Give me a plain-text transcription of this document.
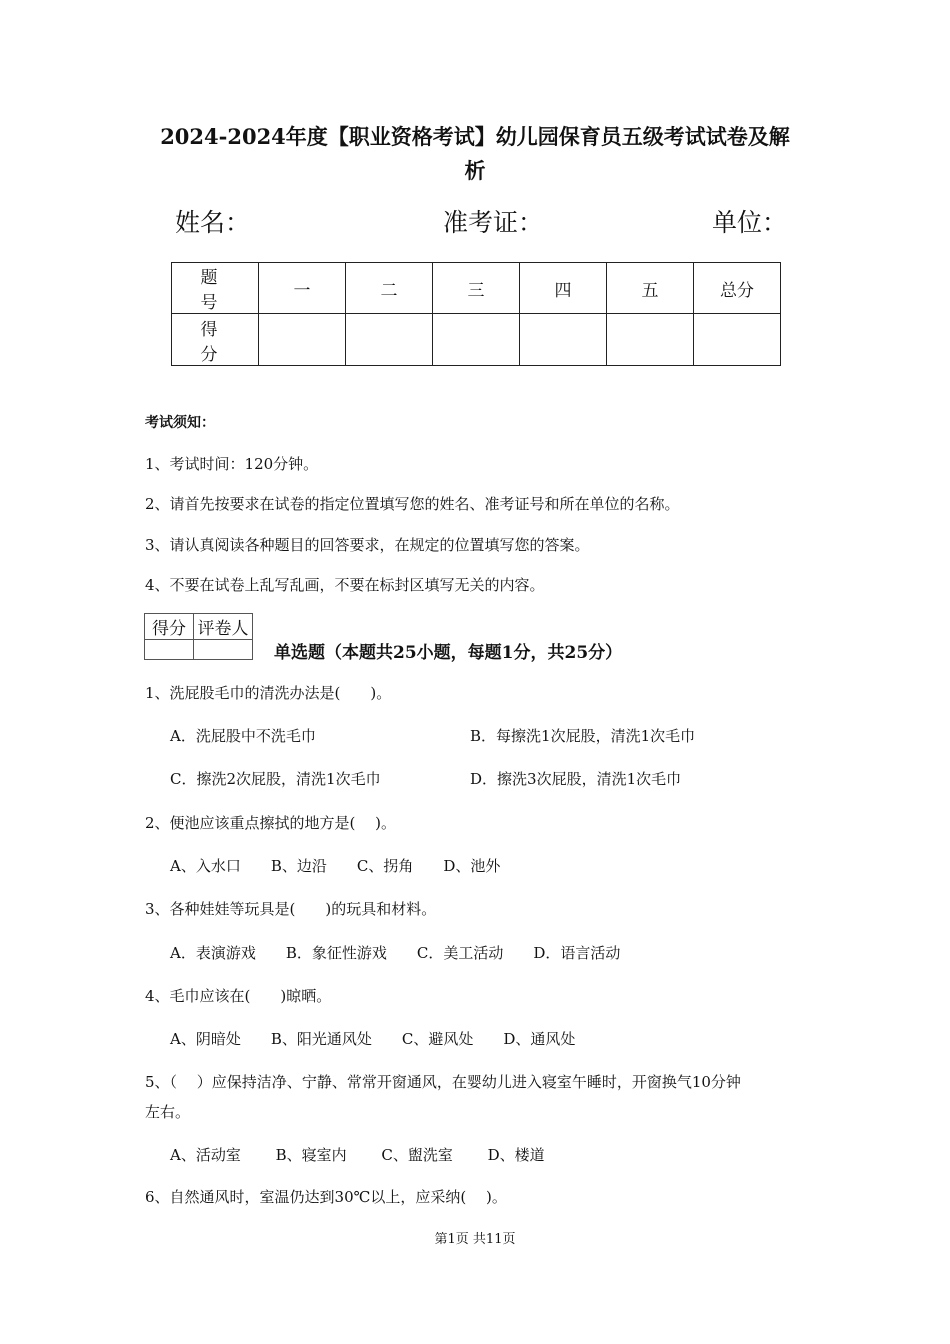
2024-2024年度【职业资格考试】幼儿园保育员五级考试试卷及解
析
姓名：	准考证：	单位：
题　号	一	二	三	四	五	总分
得　分						
考试须知：
1、考试时间：120分钟。
2、请首先按要求在试卷的指定位置填写您的姓名、准考证号和所在单位的名称。
3、请认真阅读各种题目的回答要求，在规定的位置填写您的答案。
4、不要在试卷上乱写乱画，不要在标封区填写无关的内容。
得分	评卷人

单选题（本题共25小题，每题1分，共25分）
1、洗屁股毛巾的清洗办法是(　　)。
A．洗屁股中不洗毛巾	B．每擦洗1次屁股，清洗1次毛巾
C．擦洗2次屁股，清洗1次毛巾	D．擦洗3次屁股，清洗1次毛巾
2、便池应该重点擦拭的地方是(　 )。
A、入水口　　B、边沿　　C、拐角　　D、池外
3、各种娃娃等玩具是(　　)的玩具和材料。
A．表演游戏　　B．象征性游戏　　C．美工活动　　D．语言活动
4、毛巾应该在(　　)晾晒。
A、阴暗处　　B、阳光通风处　　C、避风处　　D、通风处
5、（　 ）应保持洁净、宁静、常常开窗通风，在婴幼儿进入寝室午睡时，开窗换气10分钟
左右。
A、活动室　　 B、寝室内　　 C、盥洗室　　 D、楼道
6、自然通风时，室温仍达到30℃以上，应采纳(　 )。
第1页 共11页
